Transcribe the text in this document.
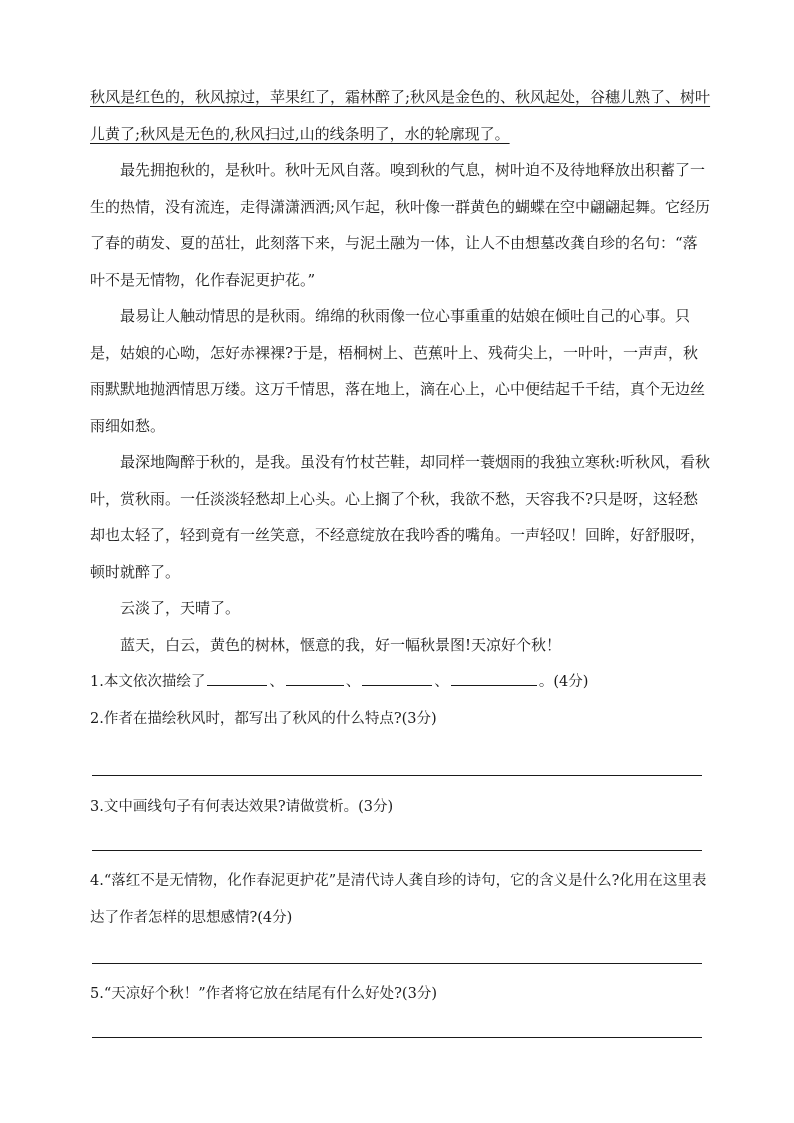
秋风是红色的，秋风掠过，苹果红了，霜林醉了;秋风是金色的、秋风起处，谷穗儿熟了、树叶儿黄了;秋风是无色的,秋风扫过,山的线条明了，水的轮廓现了。

最先拥抱秋的，是秋叶。秋叶无风自落。嗅到秋的气息，树叶迫不及待地释放出积蓄了一生的热情，没有流连，走得潇潇洒洒;风乍起，秋叶像一群黄色的蝴蝶在空中翩翩起舞。它经历了春的萌发、夏的茁壮，此刻落下来，与泥土融为一体，让人不由想墓改龚自珍的名句：“落叶不是无情物，化作春泥更护花。”

最易让人触动情思的是秋雨。绵绵的秋雨像一位心事重重的姑娘在倾吐自己的心事。只是，姑娘的心呦，怎好赤裸裸?于是，梧桐树上、芭蕉叶上、残荷尖上，一叶叶，一声声，秋雨默默地抛洒情思万缕。这万千情思，落在地上，滴在心上，心中便结起千千结，真个无边丝雨细如愁。

最深地陶醉于秋的，是我。虽没有竹杖芒鞋，却同样一蓑烟雨的我独立寒秋:听秋风，看秋叶，赏秋雨。一任淡淡轻愁却上心头。心上搁了个秋，我欲不愁，天容我不?只是呀，这轻愁却也太轻了，轻到竟有一丝笑意，不经意绽放在我吟香的嘴角。一声轻叹！回眸，好舒服呀，顿时就醉了。

云淡了，天晴了。

蓝天，白云，黄色的树林，惬意的我，好一幅秋景图!天凉好个秋！

1.本文依次描绘了	、	、	、	。(4分)

2.作者在描绘秋风时，都写出了秋风的什么特点?(3分)

3.文中画线句子有何表达效果?请做赏析。(3分)

4.“落红不是无情物，化作春泥更护花”是清代诗人龚自珍的诗句，它的含义是什么?化用在这里表达了作者怎样的思想感情?(4分)

5.“天凉好个秋！”作者将它放在结尾有什么好处?(3分)
